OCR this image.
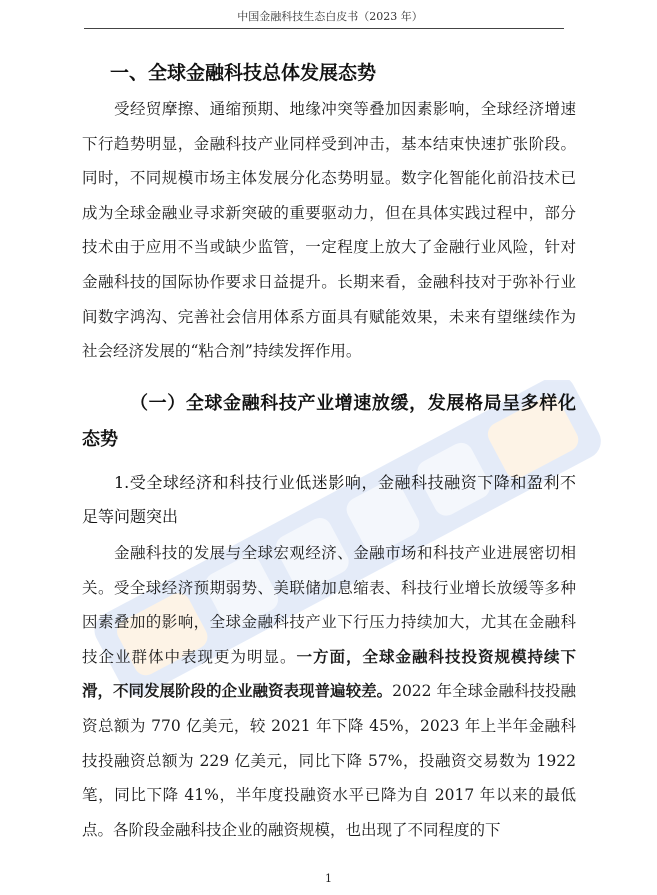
中国金融科技生态白皮书（2023 年）
一、全球金融科技总体发展态势

受经贸摩擦、通缩预期、地缘冲突等叠加因素影响，全球经济增速下行趋势明显，金融科技产业同样受到冲击，基本结束快速扩张阶段。同时，不同规模市场主体发展分化态势明显。数字化智能化前沿技术已成为全球金融业寻求新突破的重要驱动力，但在具体实践过程中，部分技术由于应用不当或缺少监管，一定程度上放大了金融行业风险，针对金融科技的国际协作要求日益提升。长期来看，金融科技对于弥补行业间数字鸿沟、完善社会信用体系方面具有赋能效果，未来有望继续作为社会经济发展的“粘合剂”持续发挥作用。

（一）全球金融科技产业增速放缓，发展格局呈多样化态势

1.受全球经济和科技行业低迷影响，金融科技融资下降和盈利不足等问题突出

金融科技的发展与全球宏观经济、金融市场和科技产业进展密切相关。受全球经济预期弱势、美联储加息缩表、科技行业增长放缓等多种因素叠加的影响，全球金融科技产业下行压力持续加大，尤其在金融科技企业群体中表现更为明显。一方面，全球金融科技投资规模持续下滑，不同发展阶段的企业融资表现普遍较差。2022 年全球金融科技投融资总额为 770 亿美元，较 2021 年下降 45%，2023 年上半年金融科技投融资总额为 229 亿美元，同比下降 57%，投融资交易数为 1922 笔，同比下降 41%，半年度投融资水平已降为自 2017 年以来的最低点。各阶段金融科技企业的融资规模，也出现了不同程度的下

1
